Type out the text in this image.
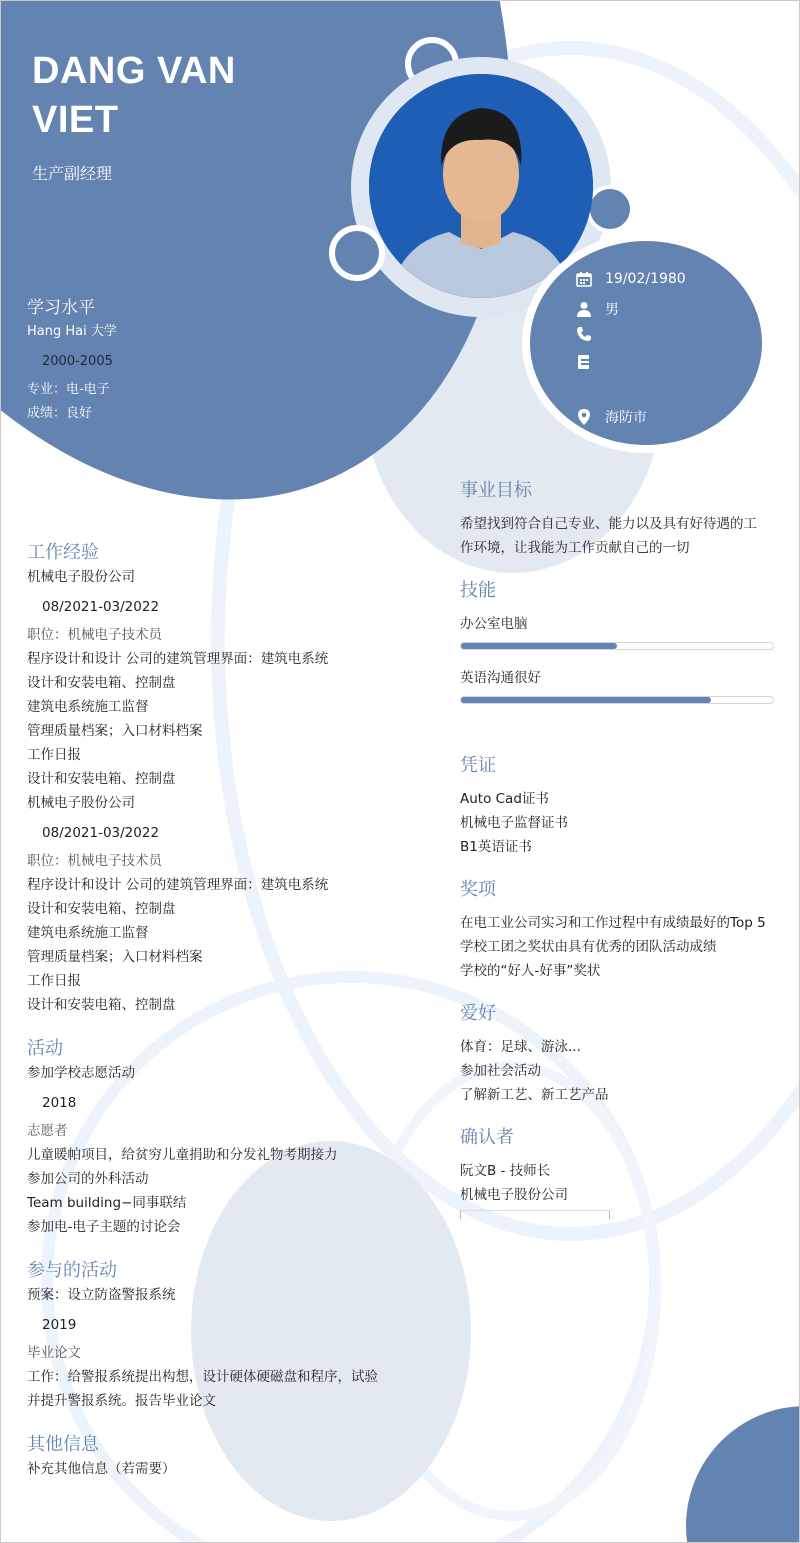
DANG VAN
VIET
生产副经理
19/02/1980
男
海防市
学习水平
Hang Hai 大学
2000-2005
专业：电-电子
成绩：良好
工作经验
机械电子股份公司
08/2021-03/2022
职位：机械电子技术员
程序设计和设计 公司的建筑管理界面：建筑电系统
设计和安装电箱、控制盘
建筑电系统施工监督
管理质量档案；入口材料档案
工作日报
设计和安装电箱、控制盘
机械电子股份公司
08/2021-03/2022
职位：机械电子技术员
程序设计和设计 公司的建筑管理界面：建筑电系统
设计和安装电箱、控制盘
建筑电系统施工监督
管理质量档案；入口材料档案
工作日报
设计和安装电箱、控制盘
活动
参加学校志愿活动
2018
志愿者
儿童暖帕项目，给贫穷儿童捐助和分发礼物考期接力
参加公司的外科活动
Team building−同事联结
参加电-电子主题的讨论会
参与的活动
预案：设立防盗警报系统
2019
毕业论文
工作：给警报系统提出构想，设计硬体硬磁盘和程序，试验
并提升警报系统。报告毕业论文
其他信息
补充其他信息（若需要）
事业目标
希望找到符合自己专业、能力以及具有好待遇的工
作环境，让我能为工作贡献自己的一切
技能
办公室电脑
英语沟通很好
凭证
Auto Cad证书
机械电子监督证书
B1英语证书
奖项
在电工业公司实习和工作过程中有成绩最好的Top 5
学校工团之奖状由具有优秀的团队活动成绩
学校的“好人-好事”奖状
爱好
体育：足球、游泳...
参加社会活动
了解新工艺、新工艺产品
确认者
阮文B - 技师长
机械电子股份公司
